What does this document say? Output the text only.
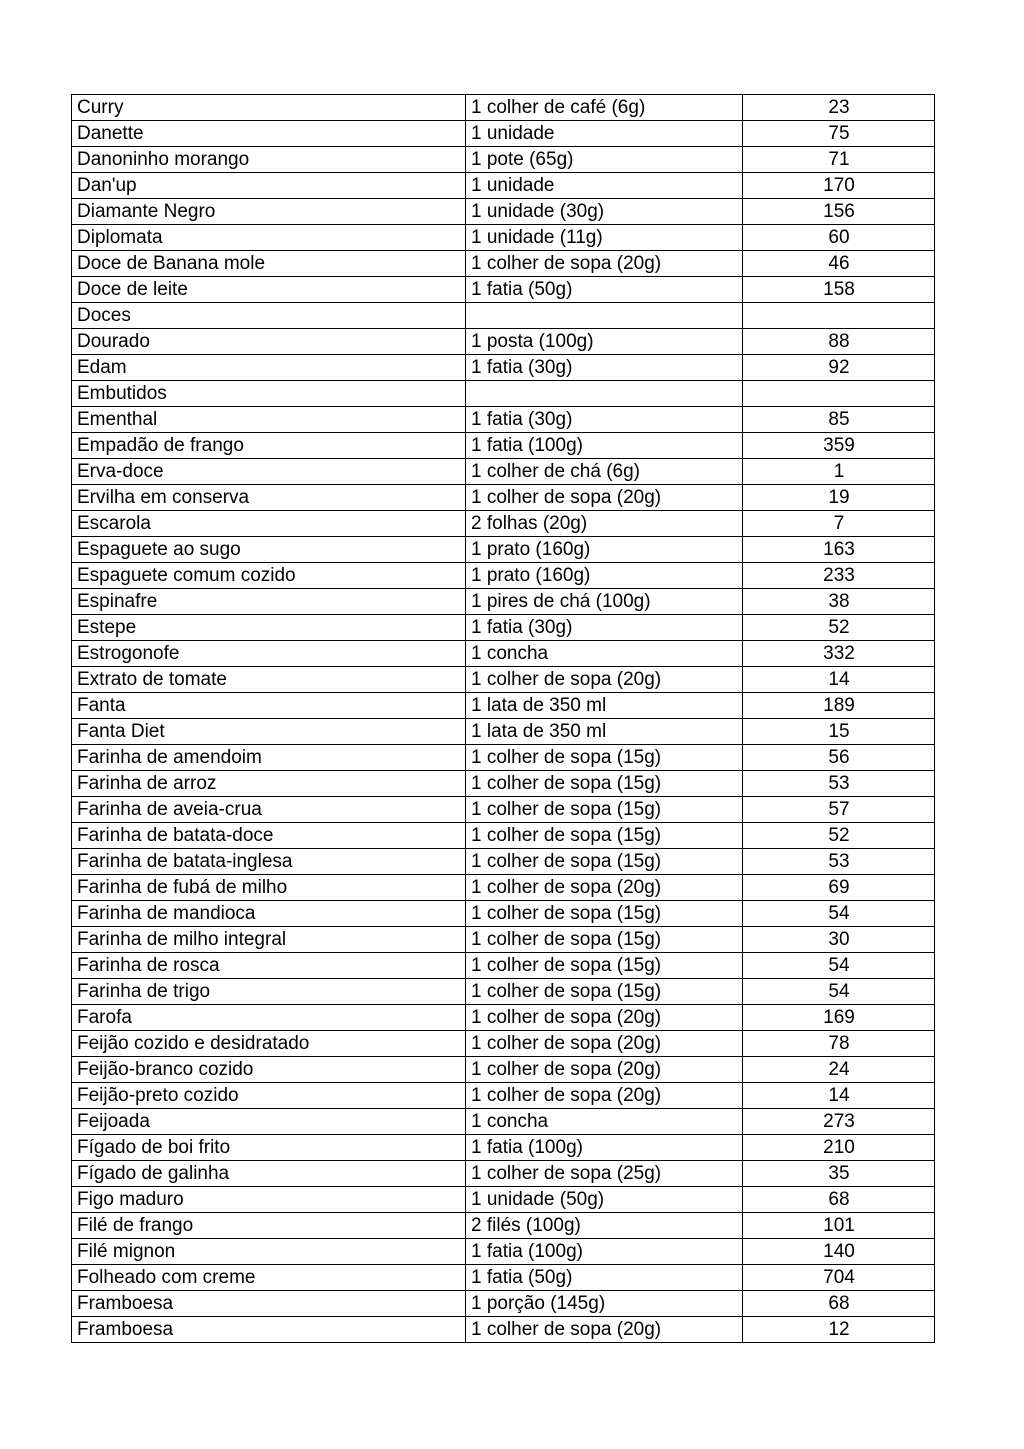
Curry	1 colher de café (6g)	23
Danette	1 unidade	75
Danoninho morango	1 pote (65g)	71
Dan'up	1 unidade	170
Diamante Negro	1 unidade (30g)	156
Diplomata	1 unidade (11g)	60
Doce de Banana mole	1 colher de sopa (20g)	46
Doce de leite	1 fatia (50g)	158
Doces		
Dourado	1 posta (100g)	88
Edam	1 fatia (30g)	92
Embutidos		
Ementhal	1 fatia (30g)	85
Empadão de frango	1 fatia (100g)	359
Erva-doce	1 colher de chá (6g)	1
Ervilha em conserva	1 colher de sopa (20g)	19
Escarola	2 folhas (20g)	7
Espaguete ao sugo	1 prato (160g)	163
Espaguete comum cozido	1 prato (160g)	233
Espinafre	1 pires de chá (100g)	38
Estepe	1 fatia (30g)	52
Estrogonofe	1 concha	332
Extrato de tomate	1 colher de sopa (20g)	14
Fanta	1 lata de 350 ml	189
Fanta Diet	1 lata de 350 ml	15
Farinha de amendoim	1 colher de sopa (15g)	56
Farinha de arroz	1 colher de sopa (15g)	53
Farinha de aveia-crua	1 colher de sopa (15g)	57
Farinha de batata-doce	1 colher de sopa (15g)	52
Farinha de batata-inglesa	1 colher de sopa (15g)	53
Farinha de fubá de milho	1 colher de sopa (20g)	69
Farinha de mandioca	1 colher de sopa (15g)	54
Farinha de milho integral	1 colher de sopa (15g)	30
Farinha de rosca	1 colher de sopa (15g)	54
Farinha de trigo	1 colher de sopa (15g)	54
Farofa	1 colher de sopa (20g)	169
Feijão cozido e desidratado	1 colher de sopa (20g)	78
Feijão-branco cozido	1 colher de sopa (20g)	24
Feijão-preto cozido	1 colher de sopa (20g)	14
Feijoada	1 concha	273
Fígado de boi frito	1 fatia (100g)	210
Fígado de galinha	1 colher de sopa (25g)	35
Figo maduro	1 unidade (50g)	68
Filé de frango	2 filés (100g)	101
Filé mignon	1 fatia (100g)	140
Folheado com creme	1 fatia (50g)	704
Framboesa	1 porção (145g)	68
Framboesa	1 colher de sopa (20g)	12
